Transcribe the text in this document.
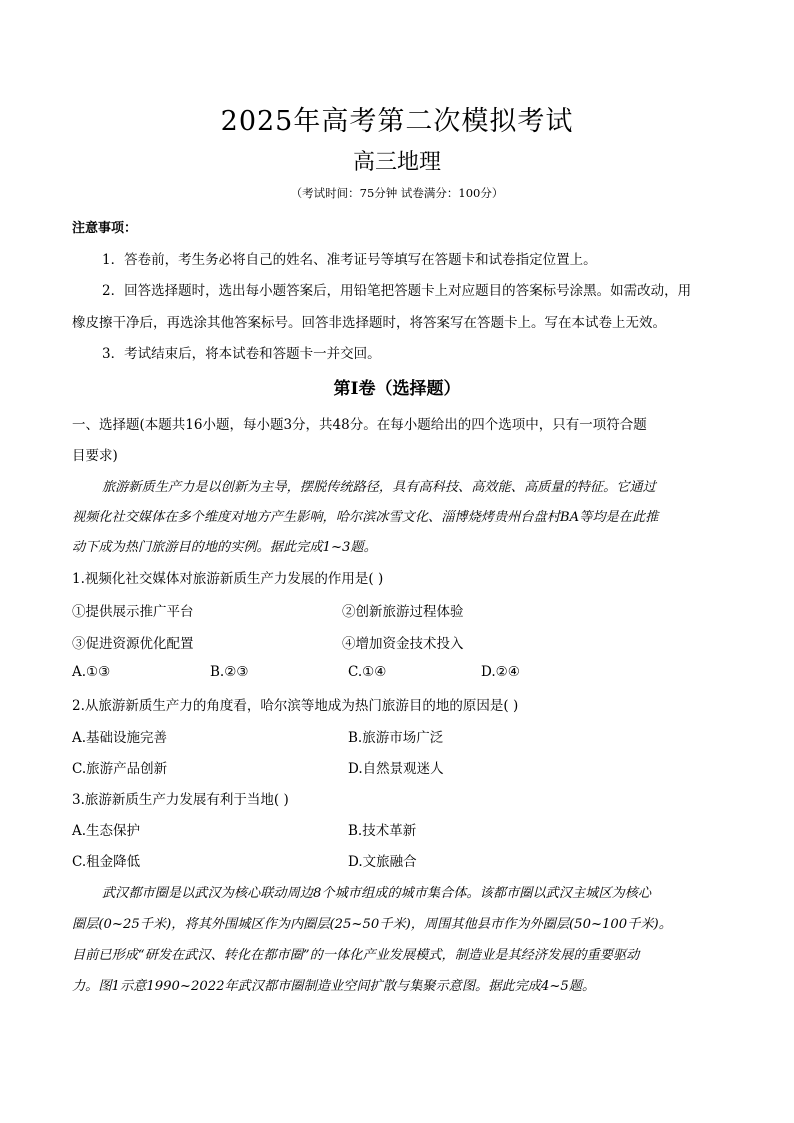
2025年高考第二次模拟考试
高三地理
（考试时间：75分钟 试卷满分：100分）
注意事项：
1．答卷前，考生务必将自己的姓名、准考证号等填写在答题卡和试卷指定位置上。
2．回答选择题时，选出每小题答案后，用铅笔把答题卡上对应题目的答案标号涂黑。如需改动，用
橡皮擦干净后，再选涂其他答案标号。回答非选择题时，将答案写在答题卡上。写在本试卷上无效。
3．考试结束后，将本试卷和答题卡一并交回。
第Ⅰ卷（选择题）
一、选择题(本题共16小题，每小题3分，共48分。在每小题给出的四个选项中，只有一项符合题
目要求)
旅游新质生产力是以创新为主导，摆脱传统路径，具有高科技、高效能、高质量的特征。它通过
视频化社交媒体在多个维度对地方产生影响，哈尔滨冰雪文化、淄博烧烤贵州台盘村BA等均是在此推
动下成为热门旅游目的地的实例。据此完成1~3题。
1.视频化社交媒体对旅游新质生产力发展的作用是( )
①提供展示推广平台	②创新旅游过程体验
③促进资源优化配置	④增加资金技术投入
A.①③	B.②③	C.①④	D.②④
2.从旅游新质生产力的角度看，哈尔滨等地成为热门旅游目的地的原因是( )
A.基础设施完善	B.旅游市场广泛
C.旅游产品创新	D.自然景观迷人
3.旅游新质生产力发展有利于当地( )
A.生态保护	B.技术革新
C.租金降低	D.文旅融合
武汉都市圈是以武汉为核心联动周边8个城市组成的城市集合体。该都市圈以武汉主城区为核心
圈层(0~25千米)，将其外围城区作为内圈层(25~50千米)，周围其他县市作为外圈层(50~100千米)。
目前已形成“研发在武汉、转化在都市圈”的一体化产业发展模式，制造业是其经济发展的重要驱动
力。图1示意1990~2022年武汉都市圈制造业空间扩散与集聚示意图。据此完成4~5题。
